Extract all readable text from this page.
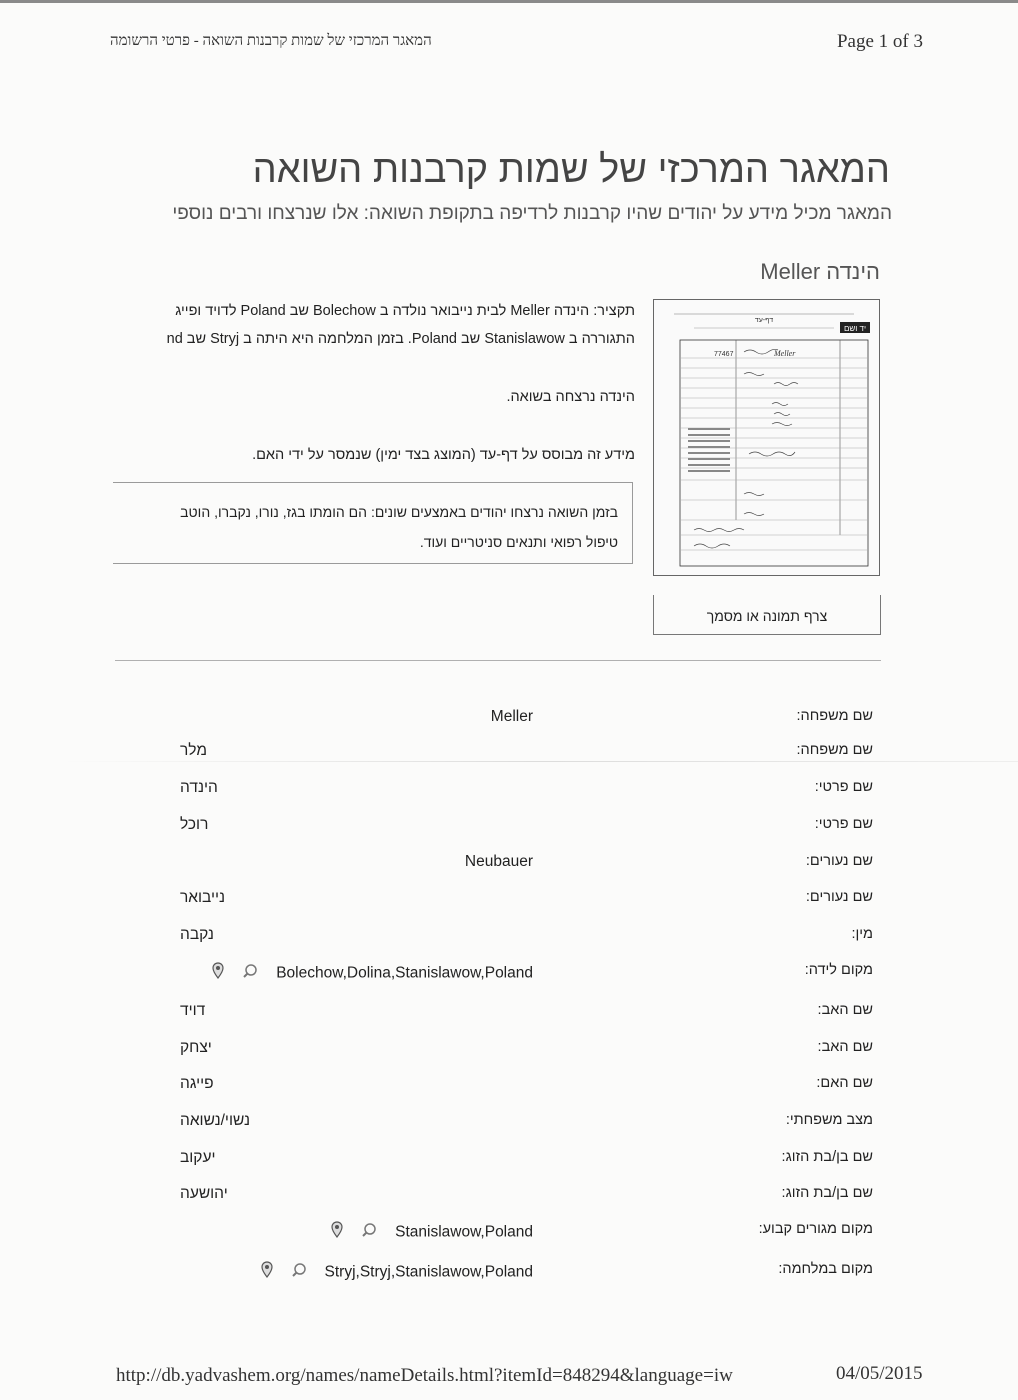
המאגר המרכזי של שמות קרבנות השואה - פרטי הרשומה	Page 1 of 3
המאגר המרכזי של שמות קרבנות השואה
המאגר מכיל מידע על יהודים שהיו קרבנות לרדיפה בתקופת השואה: אלו שנרצחו ורבים נוספי
הינדה Meller

תקציר: הינדה Meller לבית נייבואר נולדה ב Bolechow שב Poland לדויד ופייג

התגוררה ב Stanislawow שב Poland. בזמן המלחמה היא היתה ב Stryj שב nd

הינדה נרצחה בשואה.

מידע זה מבוסס על דף-עד (המוצג בצד ימין) שנמסר על ידי האם.

בזמן השואה נרצחו יהודים באמצעים שונים: הם הומתו בגז, נורו, נקברו, הוטב

טיפול רפואי ותנאים סניטריים ועוד.

יד ושם
דף-עד
77467	Meller
צרף תמונה או מסמך
שם משפחה:
Meller
שם משפחה:
מלר
שם פרטי:
הינדה
שם פרטי:
רוכל
שם נעורים:
Neubauer
שם נעורים:
נייבואר
מין:
נקבה
מקום לידה:
Bolechow,Dolina,Stanislawow,Poland
שם האב:
דויד
שם האב:
יצחק
שם האם:
פייגה
מצב משפחתי:
נשוי/נשואה
שם בן/בת הזוג:
יעקוב
שם בן/בת הזוג:
יהושעה
מקום מגורים קבוע:
Stanislawow,Poland
מקום במלחמה:
Stryj,Stryj,Stanislawow,Poland
http://db.yadvashem.org/names/nameDetails.html?itemId=848294&language=iw	04/05/2015
